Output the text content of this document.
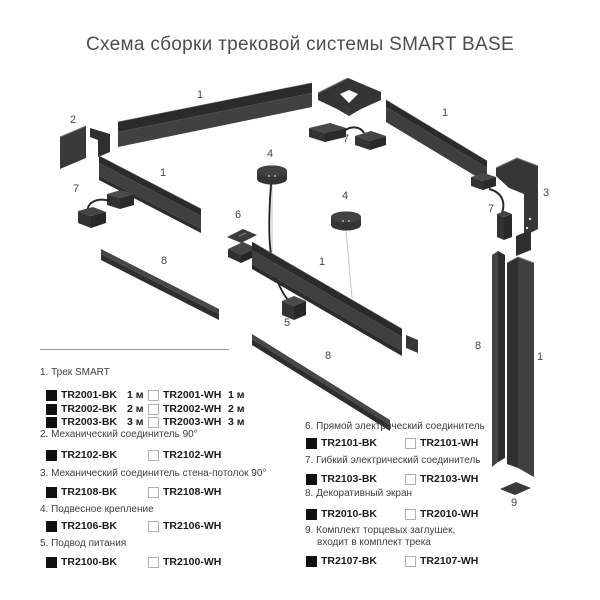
Схема сборки трековой системы SMART BASE
1
2
7
1
2
7
1
3
7
4
4
6
8	1
5
8
8
1
9
1. Трек SMART
TR2001-BK 1 м TR2001-WH 1 м
TR2002-BK 2 м TR2002-WH 2 м
TR2003-BK 3 м TR2003-WH 3 м
2. Механический соединитель 90°
TR2102-BK	TR2102-WH
3. Механический соединитель стена-потолок 90°
TR2108-BK	TR2108-WH
4. Подвесное крепление
TR2106-BK	TR2106-WH
5. Подвод питания
TR2100-BK	TR2100-WH
6. Прямой электрический соединитель
TR2101-BK	TR2101-WH
7. Гибкий электрический соединитель
TR2103-BK	TR2103-WH
8. Декоративный экран
TR2010-BK	TR2010-WH
9. Комплект торцевых заглушек,
входит в комплект трека
TR2107-BK	TR2107-WH
